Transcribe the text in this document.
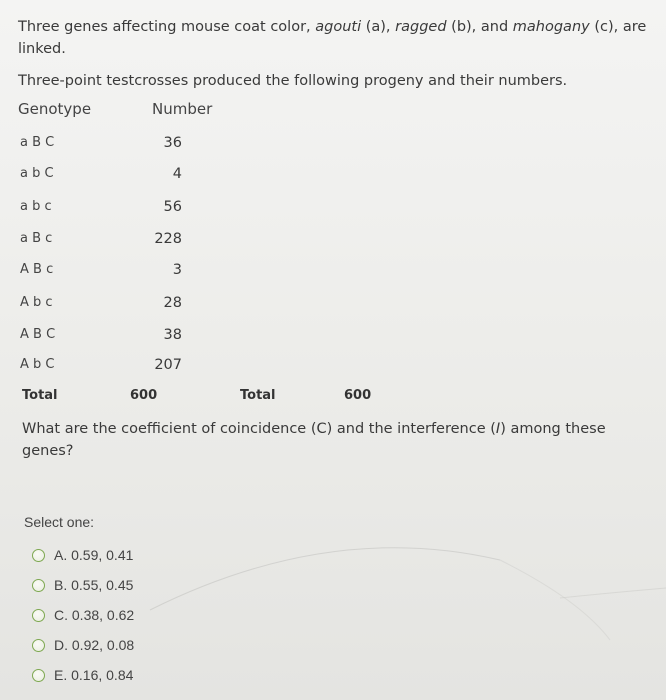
Three genes affecting mouse coat color, agouti (a), ragged (b), and mahogany (c), are linked.
Three-point testcrosses produced the following progeny and their numbers.
Genotype	Number
a B C	36
a b C	4
a b c	56
a B c	228
A B c	3
A b c	28
A B C	38
A b C	207
Total	600	Total	600
What are the coefficient of coincidence (C) and the interference (I) among these genes?
Select one:
A. 0.59, 0.41
B. 0.55, 0.45
C. 0.38, 0.62
D. 0.92, 0.08
E. 0.16, 0.84
